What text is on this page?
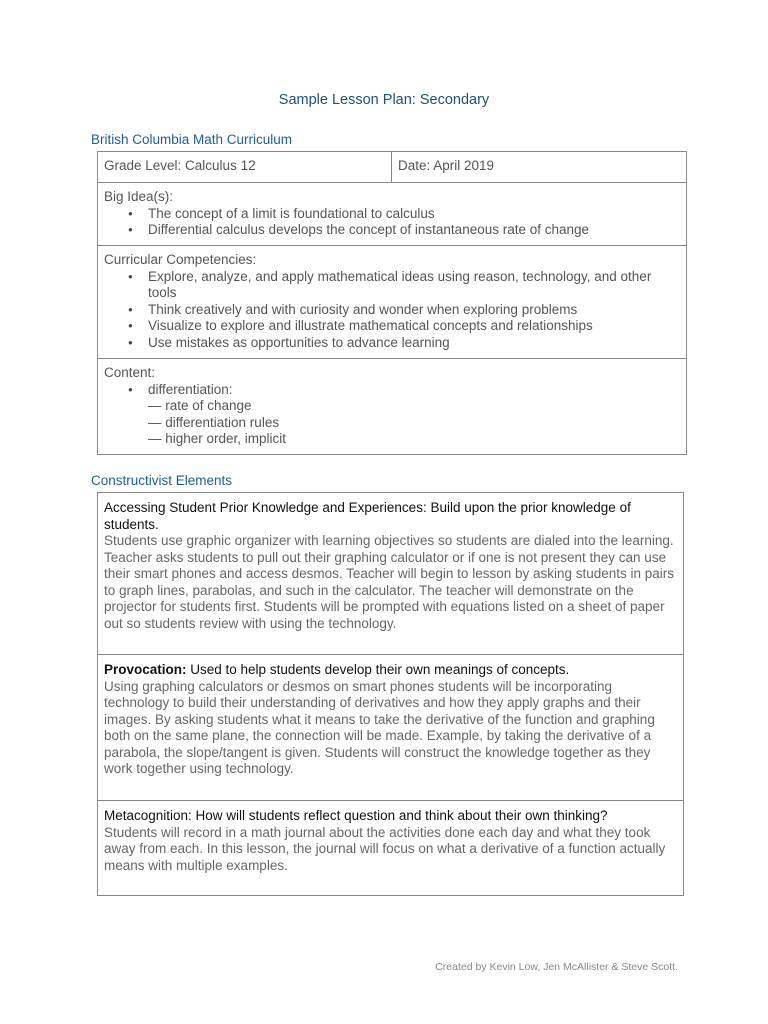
Sample Lesson Plan: Secondary
British Columbia Math Curriculum
Grade Level: Calculus 12	Date: April 2019

Big Idea(s):
● The concept of a limit is foundational to calculus
● Differential calculus develops the concept of instantaneous rate of change

Curricular Competencies:
● Explore, analyze, and apply mathematical ideas using reason, technology, and other tools
● Think creatively and with curiosity and wonder when exploring problems
● Visualize to explore and illustrate mathematical concepts and relationships
● Use mistakes as opportunities to advance learning

Content:
● differentiation:
— rate of change
— differentiation rules
— higher order, implicit
Constructivist Elements
Accessing Student Prior Knowledge and Experiences: Build upon the prior knowledge of students.
Students use graphic organizer with learning objectives so students are dialed into the learning. Teacher asks students to pull out their graphing calculator or if one is not present they can use their smart phones and access desmos. Teacher will begin to lesson by asking students in pairs to graph lines, parabolas, and such in the calculator. The teacher will demonstrate on the projector for students first. Students will be prompted with equations listed on a sheet of paper out so students review with using the technology.
Provocation: Used to help students develop their own meanings of concepts.
Using graphing calculators or desmos on smart phones students will be incorporating technology to build their understanding of derivatives and how they apply graphs and their images. By asking students what it means to take the derivative of the function and graphing both on the same plane, the connection will be made. Example, by taking the derivative of a parabola, the slope/tangent is given. Students will construct the knowledge together as they work together using technology.
Metacognition: How will students reflect question and think about their own thinking?
Students will record in a math journal about the activities done each day and what they took away from each. In this lesson, the journal will focus on what a derivative of a function actually means with multiple examples.
Created by Kevin Low, Jen McAllister & Steve Scott.
